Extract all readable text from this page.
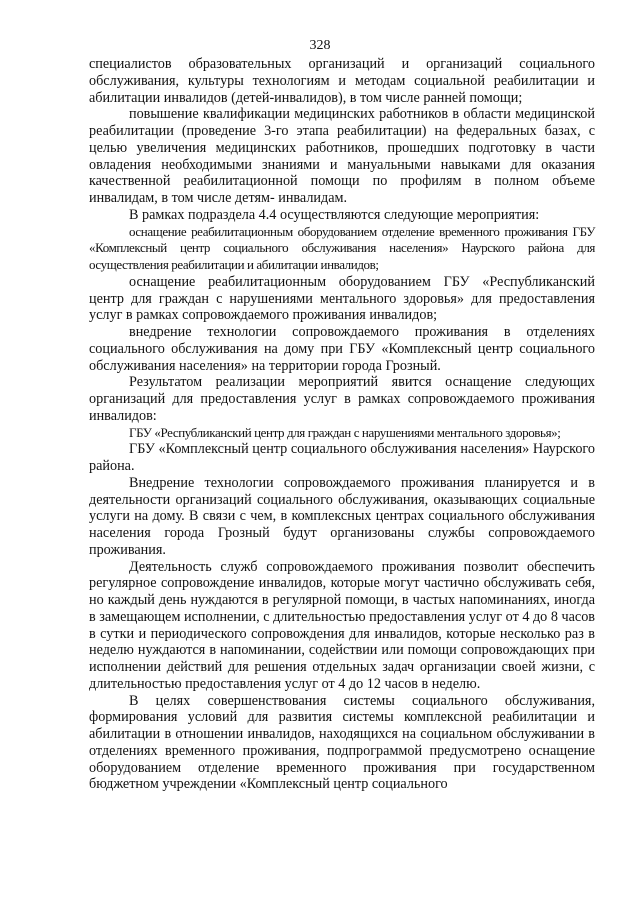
328

специалистов образовательных организаций и организаций социального обслуживания, культуры технологиям и методам социальной реабилитации и абилитации инвалидов (детей-инвалидов), в том числе ранней помощи;

повышение квалификации медицинских работников в области медицинской реабилитации (проведение 3-го этапа реабилитации) на федеральных базах, с целью увеличения медицинских работников, прошедших подготовку в части овладения необходимыми знаниями и мануальными навыками для оказания качественной реабилитационной помощи по профилям в полном объеме инвалидам, в том числе детям- инвалидам.

В рамках подраздела 4.4 осуществляются следующие мероприятия:

оснащение реабилитационным оборудованием отделение временного проживания ГБУ «Комплексный центр социального обслуживания населения» Наурского района для осуществления реабилитации и абилитации инвалидов;

оснащение реабилитационным оборудованием ГБУ «Республиканский центр для граждан с нарушениями ментального здоровья» для предоставления услуг в рамках сопровождаемого проживания инвалидов;

внедрение технологии сопровождаемого проживания в отделениях социального обслуживания на дому при ГБУ «Комплексный центр социального обслуживания населения» на территории города Грозный.

Результатом реализации мероприятий явится оснащение следующих организаций для предоставления услуг в рамках сопровождаемого проживания инвалидов:

ГБУ «Республиканский центр для граждан с нарушениями ментального здоровья»;

ГБУ «Комплексный центр социального обслуживания населения» Наурского района.

Внедрение технологии сопровождаемого проживания планируется и в деятельности организаций социального обслуживания, оказывающих социальные услуги на дому. В связи с чем, в комплексных центрах социального обслуживания населения города Грозный будут организованы службы сопровождаемого проживания.

Деятельность служб сопровождаемого проживания позволит обеспечить регулярное сопровождение инвалидов, которые могут частично обслуживать себя, но каждый день нуждаются в регулярной помощи, в частых напоминаниях, иногда в замещающем исполнении, с длительностью предоставления услуг от 4 до 8 часов в сутки и периодического сопровождения для инвалидов, которые несколько раз в неделю нуждаются в напоминании, содействии или помощи сопровождающих при исполнении действий для решения отдельных задач организации своей жизни, с длительностью предоставления услуг от 4 до 12 часов в неделю.

В целях совершенствования системы социального обслуживания, формирования условий для развития системы комплексной реабилитации и абилитации в отношении инвалидов, находящихся на социальном обслуживании в отделениях временного проживания, подпрограммой предусмотрено оснащение оборудованием отделение временного проживания при государственном бюджетном учреждении «Комплексный центр социального
